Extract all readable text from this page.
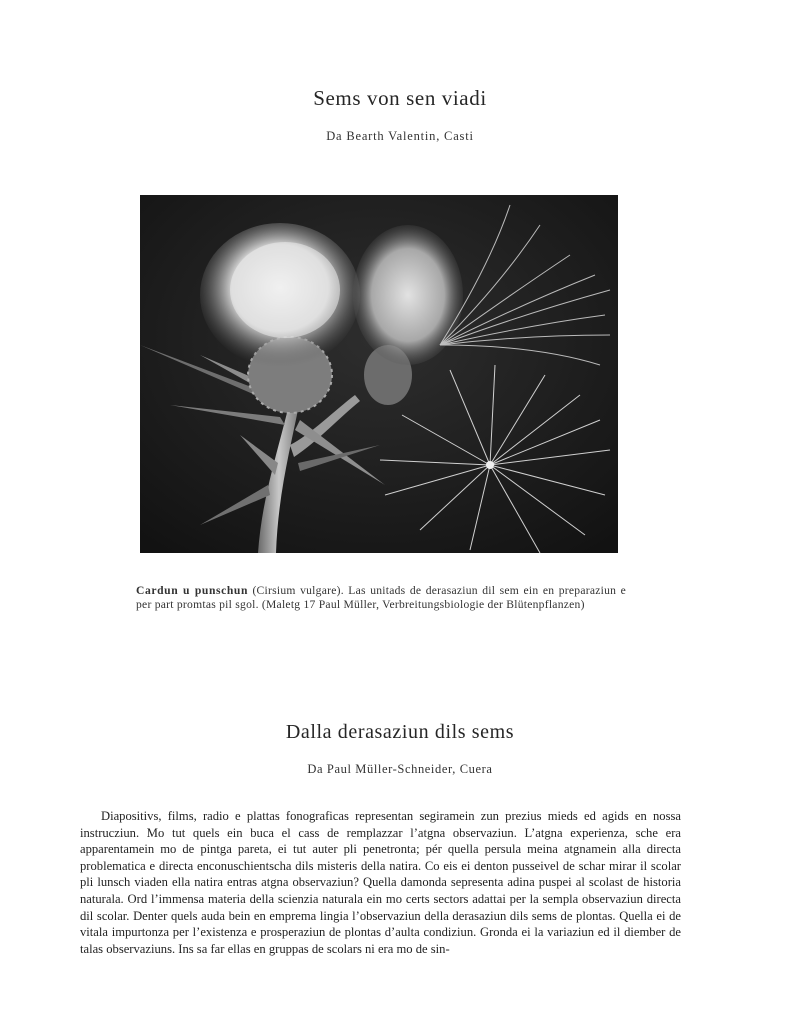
Sems von sen viadi
Da Bearth Valentin, Casti
Cardun u punschun (Cirsium vulgare). Las unitads de derasaziun dil sem ein en preparaziun e per part promtas pil sgol. (Maletg 17 Paul Müller, Verbreitungsbiologie der Blütenpflanzen)
Dalla derasaziun dils sems
Da Paul Müller-Schneider, Cuera
Diapositivs, films, radio e plattas fonograficas representan segiramein zun prezius mieds ed agids en nossa instrucziun. Mo tut quels ein buca el cass de remplazzar l’atgna observaziun. L’atgna experienza, sche era apparentamein mo de pintga pareta, ei tut auter pli penetronta; pér quella persula meina atgnamein alla directa problematica e directa enconuschientscha dils misteris della natira. Co eis ei denton pusseivel de schar mirar il scolar pli lunsch viaden ella natira entras atgna observaziun? Quella damonda sepresenta adina puspei al scolast de historia naturala. Ord l’immensa materia della scienzia naturala ein mo certs sectors adattai per la sempla observaziun directa dil scolar. Denter quels auda bein en emprema lingia l’observaziun della derasaziun dils sems de plontas. Quella ei de vitala impurtonza per l’existenza e prosperaziun de plontas d’aulta condiziun. Gronda ei la variaziun ed il diember de talas observaziuns. Ins sa far ellas en gruppas de scolars ni era mo de sin-
